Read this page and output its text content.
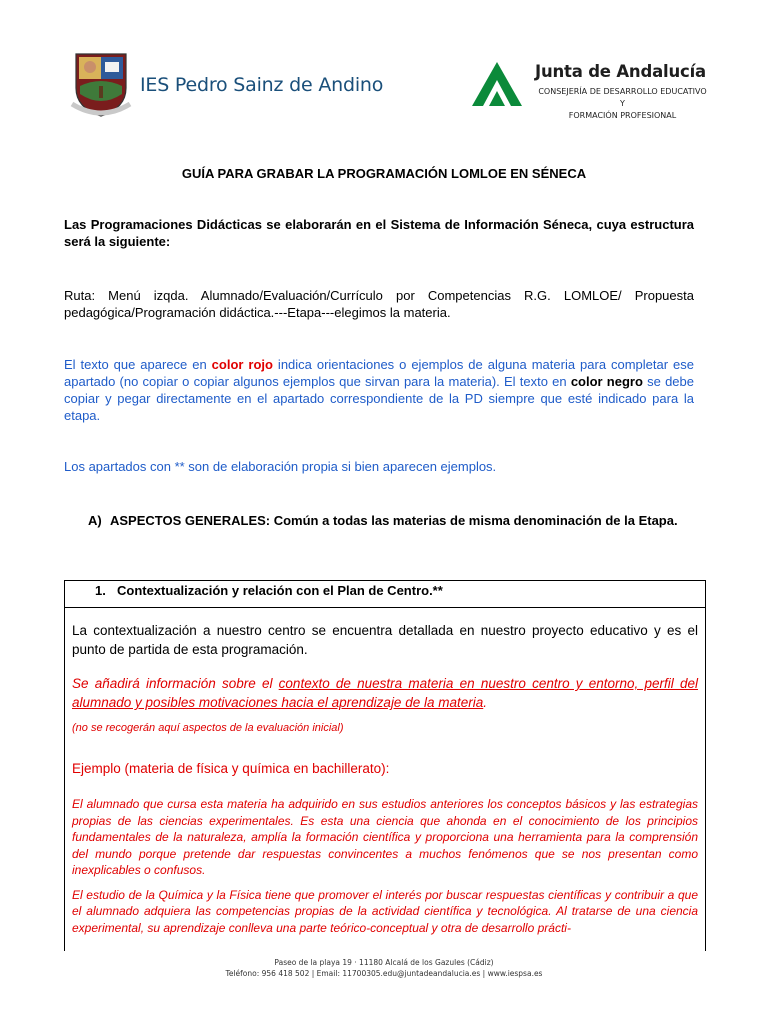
IES Pedro Sainz de Andino
Junta de Andalucía
CONSEJERÍA DE DESARROLLO EDUCATIVO Y
FORMACIÓN PROFESIONAL
GUÍA PARA GRABAR LA PROGRAMACIÓN LOMLOE EN SÉNECA
Las Programaciones Didácticas se elaborarán en el Sistema de Información Séneca, cuya estructura será la siguiente:
Ruta: Menú izqda. Alumnado/Evaluación/Currículo por Competencias R.G. LOMLOE/ Propuesta pedagógica/Programación didáctica.---Etapa---elegimos la materia.
El texto que aparece en color rojo indica orientaciones o ejemplos de alguna materia para completar ese apartado (no copiar o copiar algunos ejemplos que sirvan para la materia). El texto en color negro se debe copiar y pegar directamente en el apartado correspondiente de la PD siempre que esté indicado para la etapa.
Los apartados con ** son de elaboración propia si bien aparecen ejemplos.
A) ASPECTOS GENERALES: Común a todas las materias de misma denominación de la Etapa.
1. Contextualización y relación con el Plan de Centro.**

La contextualización a nuestro centro se encuentra detallada en nuestro proyecto educativo y es el punto de partida de esta programación.

Se añadirá información sobre el contexto de nuestra materia en nuestro centro y entorno, perfil del alumnado y posibles motivaciones hacia el aprendizaje de la materia.

(no se recogerán aquí aspectos de la evaluación inicial)

Ejemplo (materia de física y química en bachillerato):

El alumnado que cursa esta materia ha adquirido en sus estudios anteriores los conceptos básicos y las estrategias propias de las ciencias experimentales. Es esta una ciencia que ahonda en el conocimiento de los principios fundamentales de la naturaleza, amplía la formación científica y proporciona una herramienta para la comprensión del mundo porque pretende dar respuestas convincentes a muchos fenómenos que se nos presentan como inexplicables o confusos.

El estudio de la Química y la Física tiene que promover el interés por buscar respuestas científicas y contribuir a que el alumnado adquiera las competencias propias de la actividad científica y tecnológica. Al tratarse de una ciencia experimental, su aprendizaje conlleva una parte teórico-conceptual y otra de desarrollo prácti-

Paseo de la playa 19 · 11180 Alcalá de los Gazules (Cádiz)
Teléfono: 956 418 502 | Email: 11700305.edu@juntadeandalucia.es | www.iespsa.es
